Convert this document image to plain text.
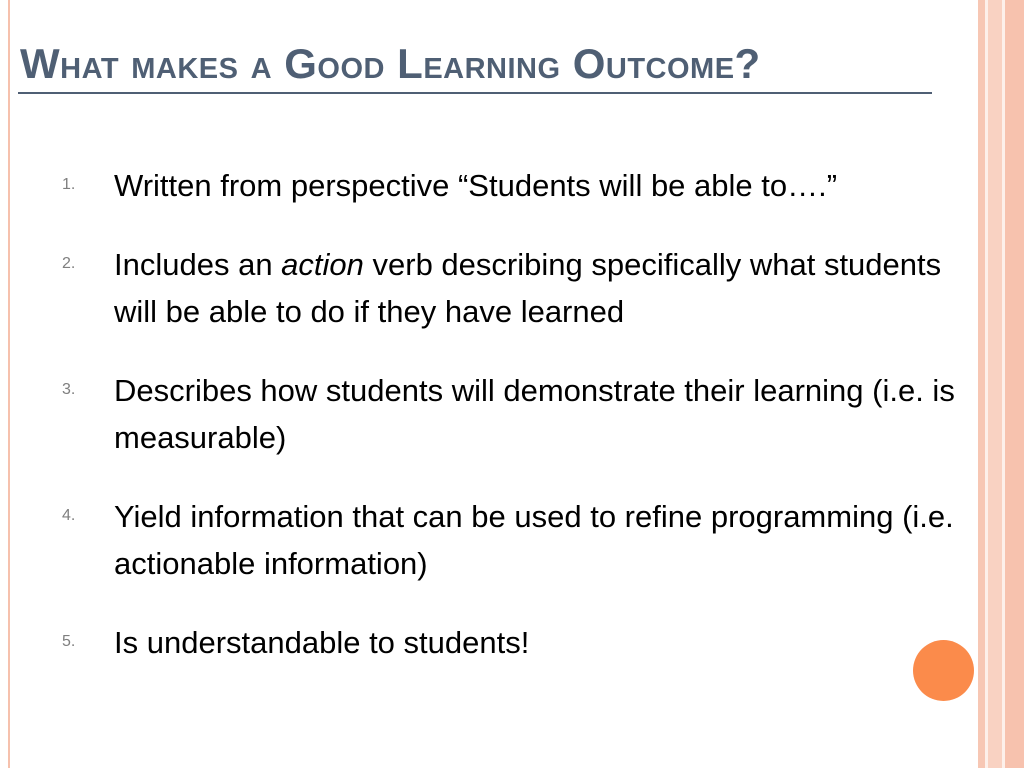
What makes a Good Learning Outcome?
1. Written from perspective “Students will be able to….”
2. Includes an action verb describing specifically what students will be able to do if they have learned
3. Describes how students will demonstrate their learning (i.e. is measurable)
4. Yield information that can be used to refine programming (i.e. actionable information)
5. Is understandable to students!
